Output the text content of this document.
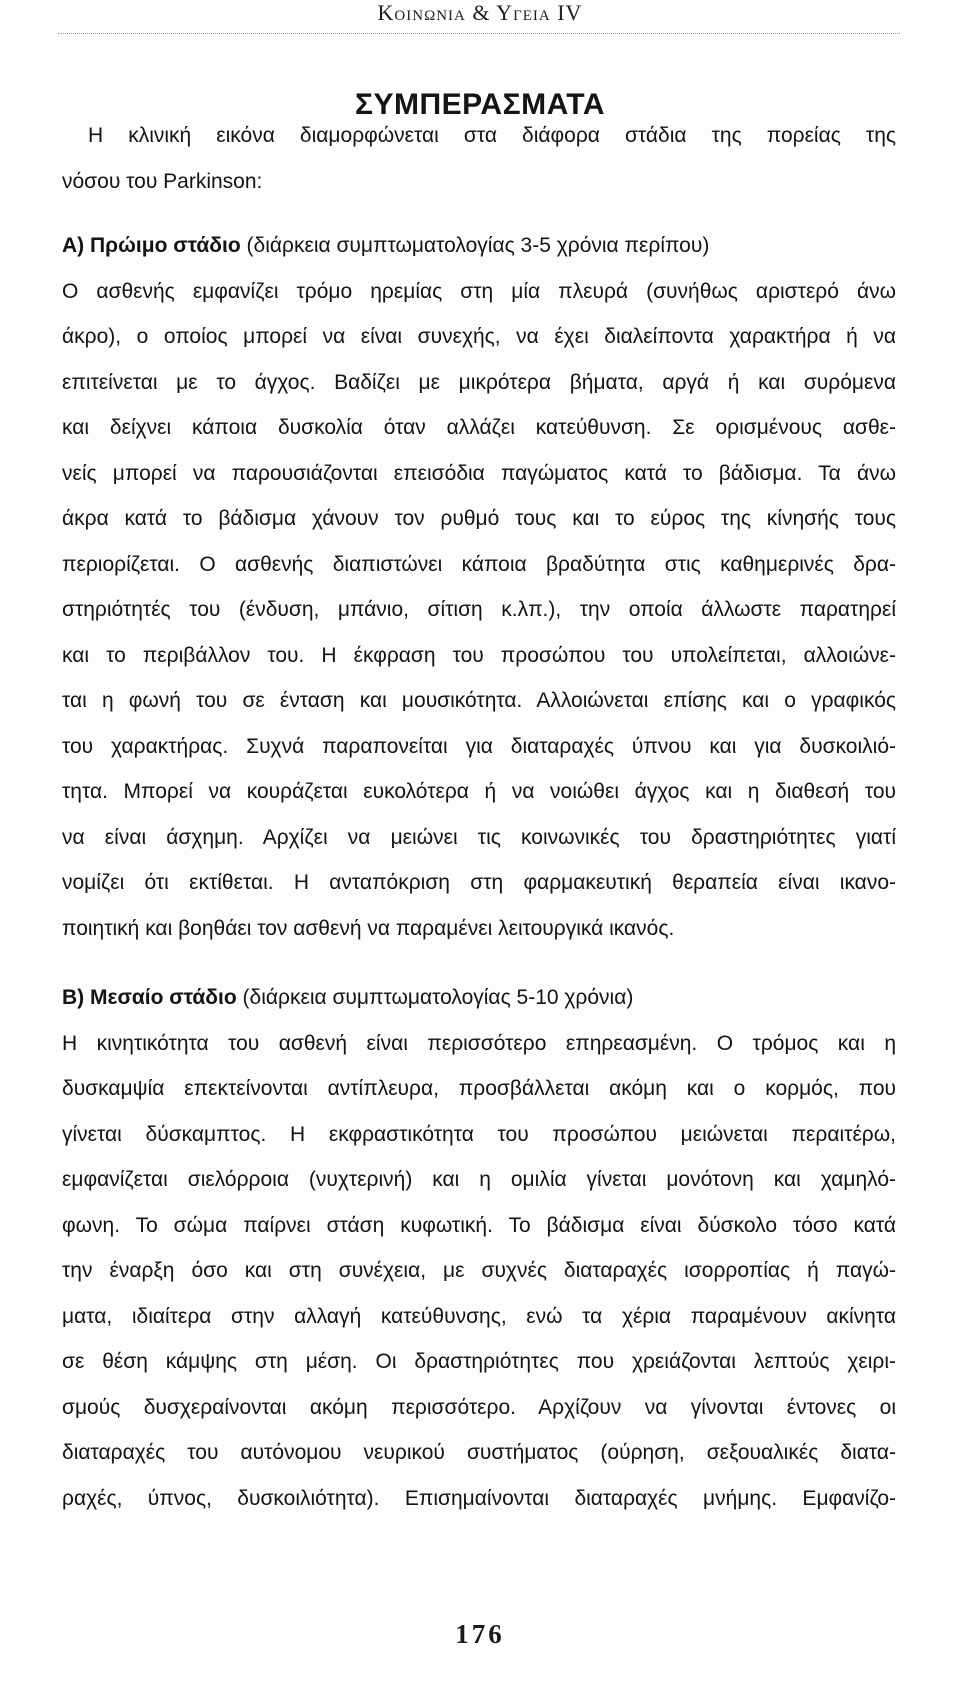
Κοινωνια & Υγεια IV
ΣΥΜΠΕΡΑΣΜΑΤΑ
Η κλινική εικόνα διαμορφώνεται στα διάφορα στάδια της πορείας της
νόσου του Parkinson:
Α) Πρώιμο στάδιο (διάρκεια συμπτωματολογίας 3-5 χρόνια περίπου)
Ο ασθενής εμφανίζει τρόμο ηρεμίας στη μία πλευρά (συνήθως αριστερό άνω
άκρο), ο οποίος μπορεί να είναι συνεχής, να έχει διαλείποντα χαρακτήρα ή να
επιτείνεται με το άγχος. Βαδίζει με μικρότερα βήματα, αργά ή και συρόμενα
και δείχνει κάποια δυσκολία όταν αλλάζει κατεύθυνση. Σε ορισμένους ασθε-
νείς μπορεί να παρουσιάζονται επεισόδια παγώματος κατά το βάδισμα. Τα άνω
άκρα κατά το βάδισμα χάνουν τον ρυθμό τους και το εύρος της κίνησής τους
περιορίζεται. Ο ασθενής διαπιστώνει κάποια βραδύτητα στις καθημερινές δρα-
στηριότητές του (ένδυση, μπάνιο, σίτιση κ.λπ.), την οποία άλλωστε παρατηρεί
και το περιβάλλον του. Η έκφραση του προσώπου του υπολείπεται, αλλοιώνε-
ται η φωνή του σε ένταση και μουσικότητα. Αλλοιώνεται επίσης και ο γραφικός
του χαρακτήρας. Συχνά παραπονείται για διαταραχές ύπνου και για δυσκοιλιό-
τητα. Μπορεί να κουράζεται ευκολότερα ή να νοιώθει άγχος και η διαθεσή του
να είναι άσχημη. Αρχίζει να μειώνει τις κοινωνικές του δραστηριότητες γιατί
νομίζει ότι εκτίθεται. Η ανταπόκριση στη φαρμακευτική θεραπεία είναι ικανο-
ποιητική και βοηθάει τον ασθενή να παραμένει λειτουργικά ικανός.
Β) Μεσαίο στάδιο (διάρκεια συμπτωματολογίας 5-10 χρόνια)
Η κινητικότητα του ασθενή είναι περισσότερο επηρεασμένη. Ο τρόμος και η
δυσκαμψία επεκτείνονται αντίπλευρα, προσβάλλεται ακόμη και ο κορμός, που
γίνεται δύσκαμπτος. Η εκφραστικότητα του προσώπου μειώνεται περαιτέρω,
εμφανίζεται σιελόρροια (νυχτερινή) και η ομιλία γίνεται μονότονη και χαμηλό-
φωνη. Το σώμα παίρνει στάση κυφωτική. Το βάδισμα είναι δύσκολο τόσο κατά
την έναρξη όσο και στη συνέχεια, με συχνές διαταραχές ισορροπίας ή παγώ-
ματα, ιδιαίτερα στην αλλαγή κατεύθυνσης, ενώ τα χέρια παραμένουν ακίνητα
σε θέση κάμψης στη μέση. Οι δραστηριότητες που χρειάζονται λεπτούς χειρι-
σμούς δυσχεραίνονται ακόμη περισσότερο. Αρχίζουν να γίνονται έντονες οι
διαταραχές του αυτόνομου νευρικού συστήματος (ούρηση, σεξουαλικές διατα-
ραχές, ύπνος, δυσκοιλιότητα). Επισημαίνονται διαταραχές μνήμης. Εμφανίζο-
176
